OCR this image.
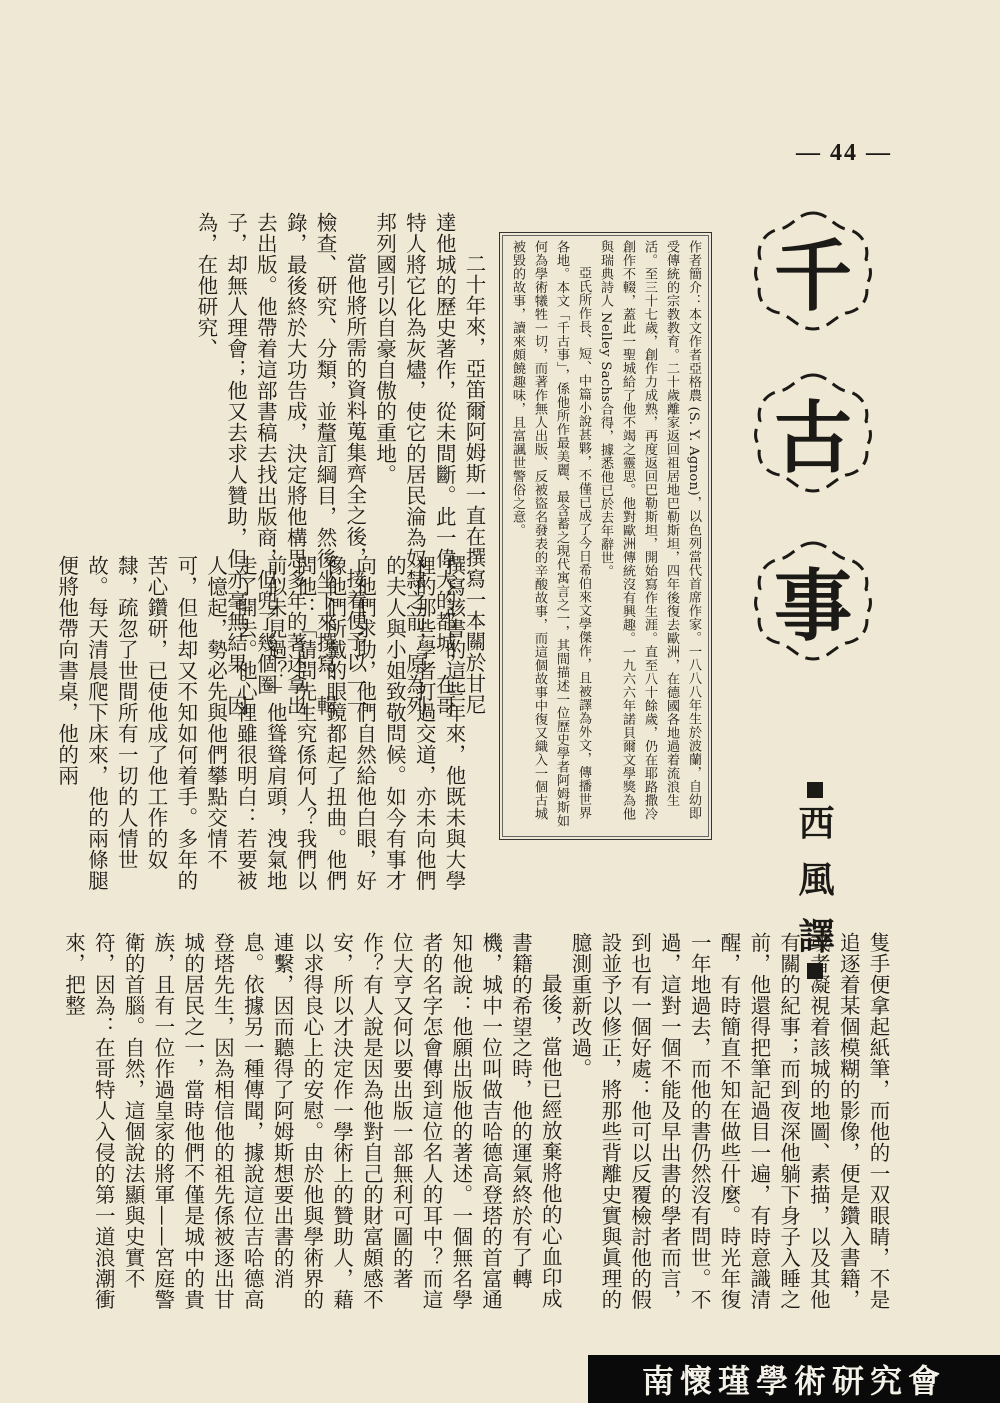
— 44 —
千
古
事
西 風 譯

作者簡介：本文作者亞格農 (S. Y. Agnon)，以色列當代首席作家。一八八八年生於波蘭，自幼即受傳統的宗教教育。二十歲離家返回祖居地巴勒斯坦，四年後復去歐洲，在德國各地過着流浪生活。至三十七歲，創作力成熟，再度返回巴勒斯坦，開始寫作生涯。直至八十餘歲，仍在耶路撒冷創作不輟，蓋此一聖城給了他不竭之靈思。他對歐洲傳統沒有興趣。一九六六年諾貝爾文學獎為他與瑞典詩人 Nelley Sachs合得，據悉他已於去年辭世。

亞氏所作長、短、中篇小說甚夥，不僅已成了今日希伯來文學傑作，且被譯為外文，傳播世界各地。本文「千古事」，係他所作最美麗、最含蓄之現代寓言之一，其間描述一位歷史學者阿姆斯如何為學術犧牲一切，而著作無人出版、反被盜名發表的辛酸故事，而這個故事中復又織入一個古城被毀的故事，讀來頗饒趣味，且富諷世警俗之意。

二十年來，亞笛爾阿姆斯一直在撰寫一本關於甘尼達他城的歷史著作，從未間斷。此一偉大的都城，在哥特人將它化為灰燼，使它的居民淪為奴隸之前，原為列邦列國引以自豪自傲的重地。

當他將所需的資料蒐集齊全之後，接着便予以一一檢查、研究、分類，並釐訂綱目，然後坐下來撰寫、輯錄，最後終於大功告成，決定將他構思多年的著述拿出去出版。他帶着這部書稿去找出版商，但兜了幾個圈子，却無人理會；他又去求人贊助，但亦毫無結果。因為，在他研究、

撰寫該書的這些年來，他既未與大學裡的那些學者打過交道，亦未向他們的夫人與小姐致敬問候。如今有事才向他們求助，他們自然給他白眼，好像他們所戴的眼鏡都起了扭曲。他們問他：「請問先生究係何人？我們以前似未見過？」他聳聳肩頭，洩氣地走了開去。他心裡雖很明白：若要被人憶起，勢必先與他們攀點交情不可，但他却又不知如何着手。多年的苦心鑽研，已使他成了他工作的奴隸，疏忽了世間所有一切的人情世故。每天清晨爬下床來，他的兩條腿便將他帶向書桌，他的兩

隻手便拿起紙筆，而他的一双眼睛，不是追逐着某個模糊的影像，便是鑽入書籍，或者凝視着該城的地圖、素描，以及其他有關的紀事；而到夜深他躺下身子入睡之前，他還得把筆記過目一遍，有時意識清醒，有時簡直不知在做些什麼。時光年復一年地過去，而他的書仍然沒有問世。不過，這對一個不能及早出書的學者而言，到也有一個好處：他可以反覆檢討他的假設並予以修正，將那些背離史實與眞理的臆測重新改過。

最後，當他已經放棄將他的心血印成書籍的希望之時，他的運氣終於有了轉機，城中一位叫做吉哈德高登塔的首富通知他說：他願出版他的著述。一個無名學者的名字怎會傳到這位名人的耳中？而這位大亨又何以要出版一部無利可圖的著作？有人說是因為他對自己的財富頗感不安，所以才決定作一學術上的贊助人，藉以求得良心上的安慰。由於他與學術界的連繫，因而聽得了阿姆斯想要出書的消息。依據另一種傳聞，據說這位吉哈德高登塔先生，因為相信他的祖先係被逐出甘城的居民之一，當時他們不僅是城中的貴族，且有一位作過皇家的將軍——宮庭警衛的首腦。自然，這個說法顯與史實不符，因為：在哥特人入侵的第一道浪潮衝來，把整

南懷瑾學術研究會
